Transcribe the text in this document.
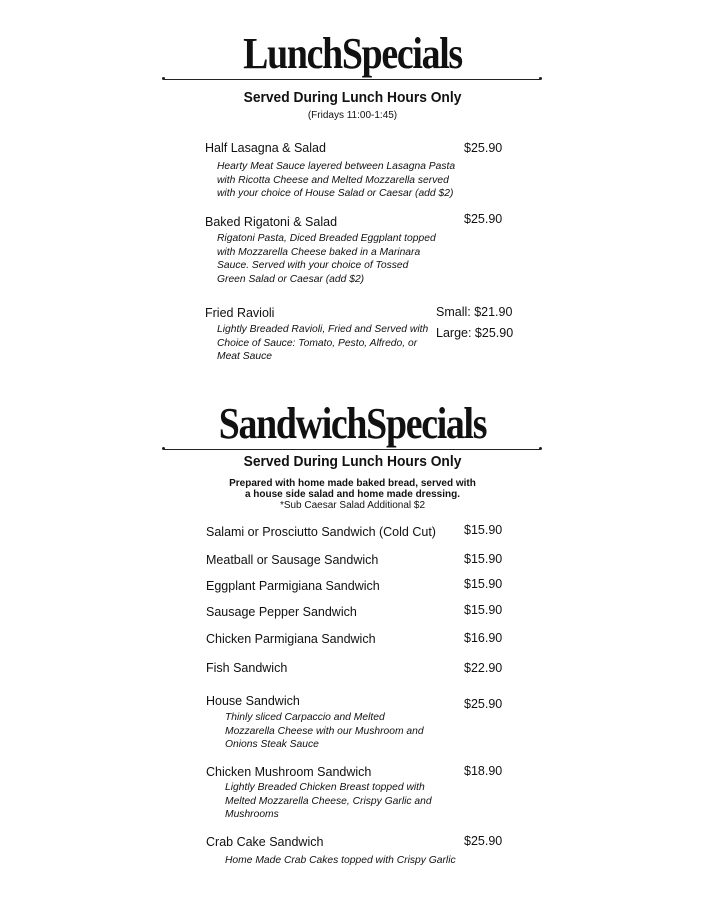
LunchSpecials
Served During Lunch Hours Only
(Fridays 11:00-1:45)
Half Lasagna & Salad	$25.90
Hearty Meat Sauce layered between Lasagna Pasta
with Ricotta Cheese and Melted Mozzarella served
with your choice of House Salad or Caesar (add $2)
Baked Rigatoni & Salad	$25.90
Rigatoni Pasta, Diced Breaded Eggplant topped
with Mozzarella Cheese baked in a Marinara
Sauce. Served with your choice of Tossed
Green Salad or Caesar (add $2)
Fried Ravioli	Small: $21.90
Large: $25.90
Lightly Breaded Ravioli, Fried and Served with
Choice of Sauce: Tomato, Pesto, Alfredo, or
Meat Sauce
SandwichSpecials
Served During Lunch Hours Only
Prepared with home made baked bread, served with
a house side salad and home made dressing.
*Sub Caesar Salad Additional $2
Salami or Prosciutto Sandwich (Cold Cut) $15.90
Meatball or Sausage Sandwich	$15.90
Eggplant Parmigiana Sandwich	$15.90
Sausage Pepper Sandwich	$15.90
Chicken Parmigiana Sandwich	$16.90
Fish Sandwich	$22.90
House Sandwich	$25.90
Thinly sliced Carpaccio and Melted
Mozzarella Cheese with our Mushroom and
Onions Steak Sauce
Chicken Mushroom Sandwich	$18.90
Lightly Breaded Chicken Breast topped with
Melted Mozzarella Cheese, Crispy Garlic and
Mushrooms
Crab Cake Sandwich	$25.90
Home Made Crab Cakes topped with Crispy Garlic
